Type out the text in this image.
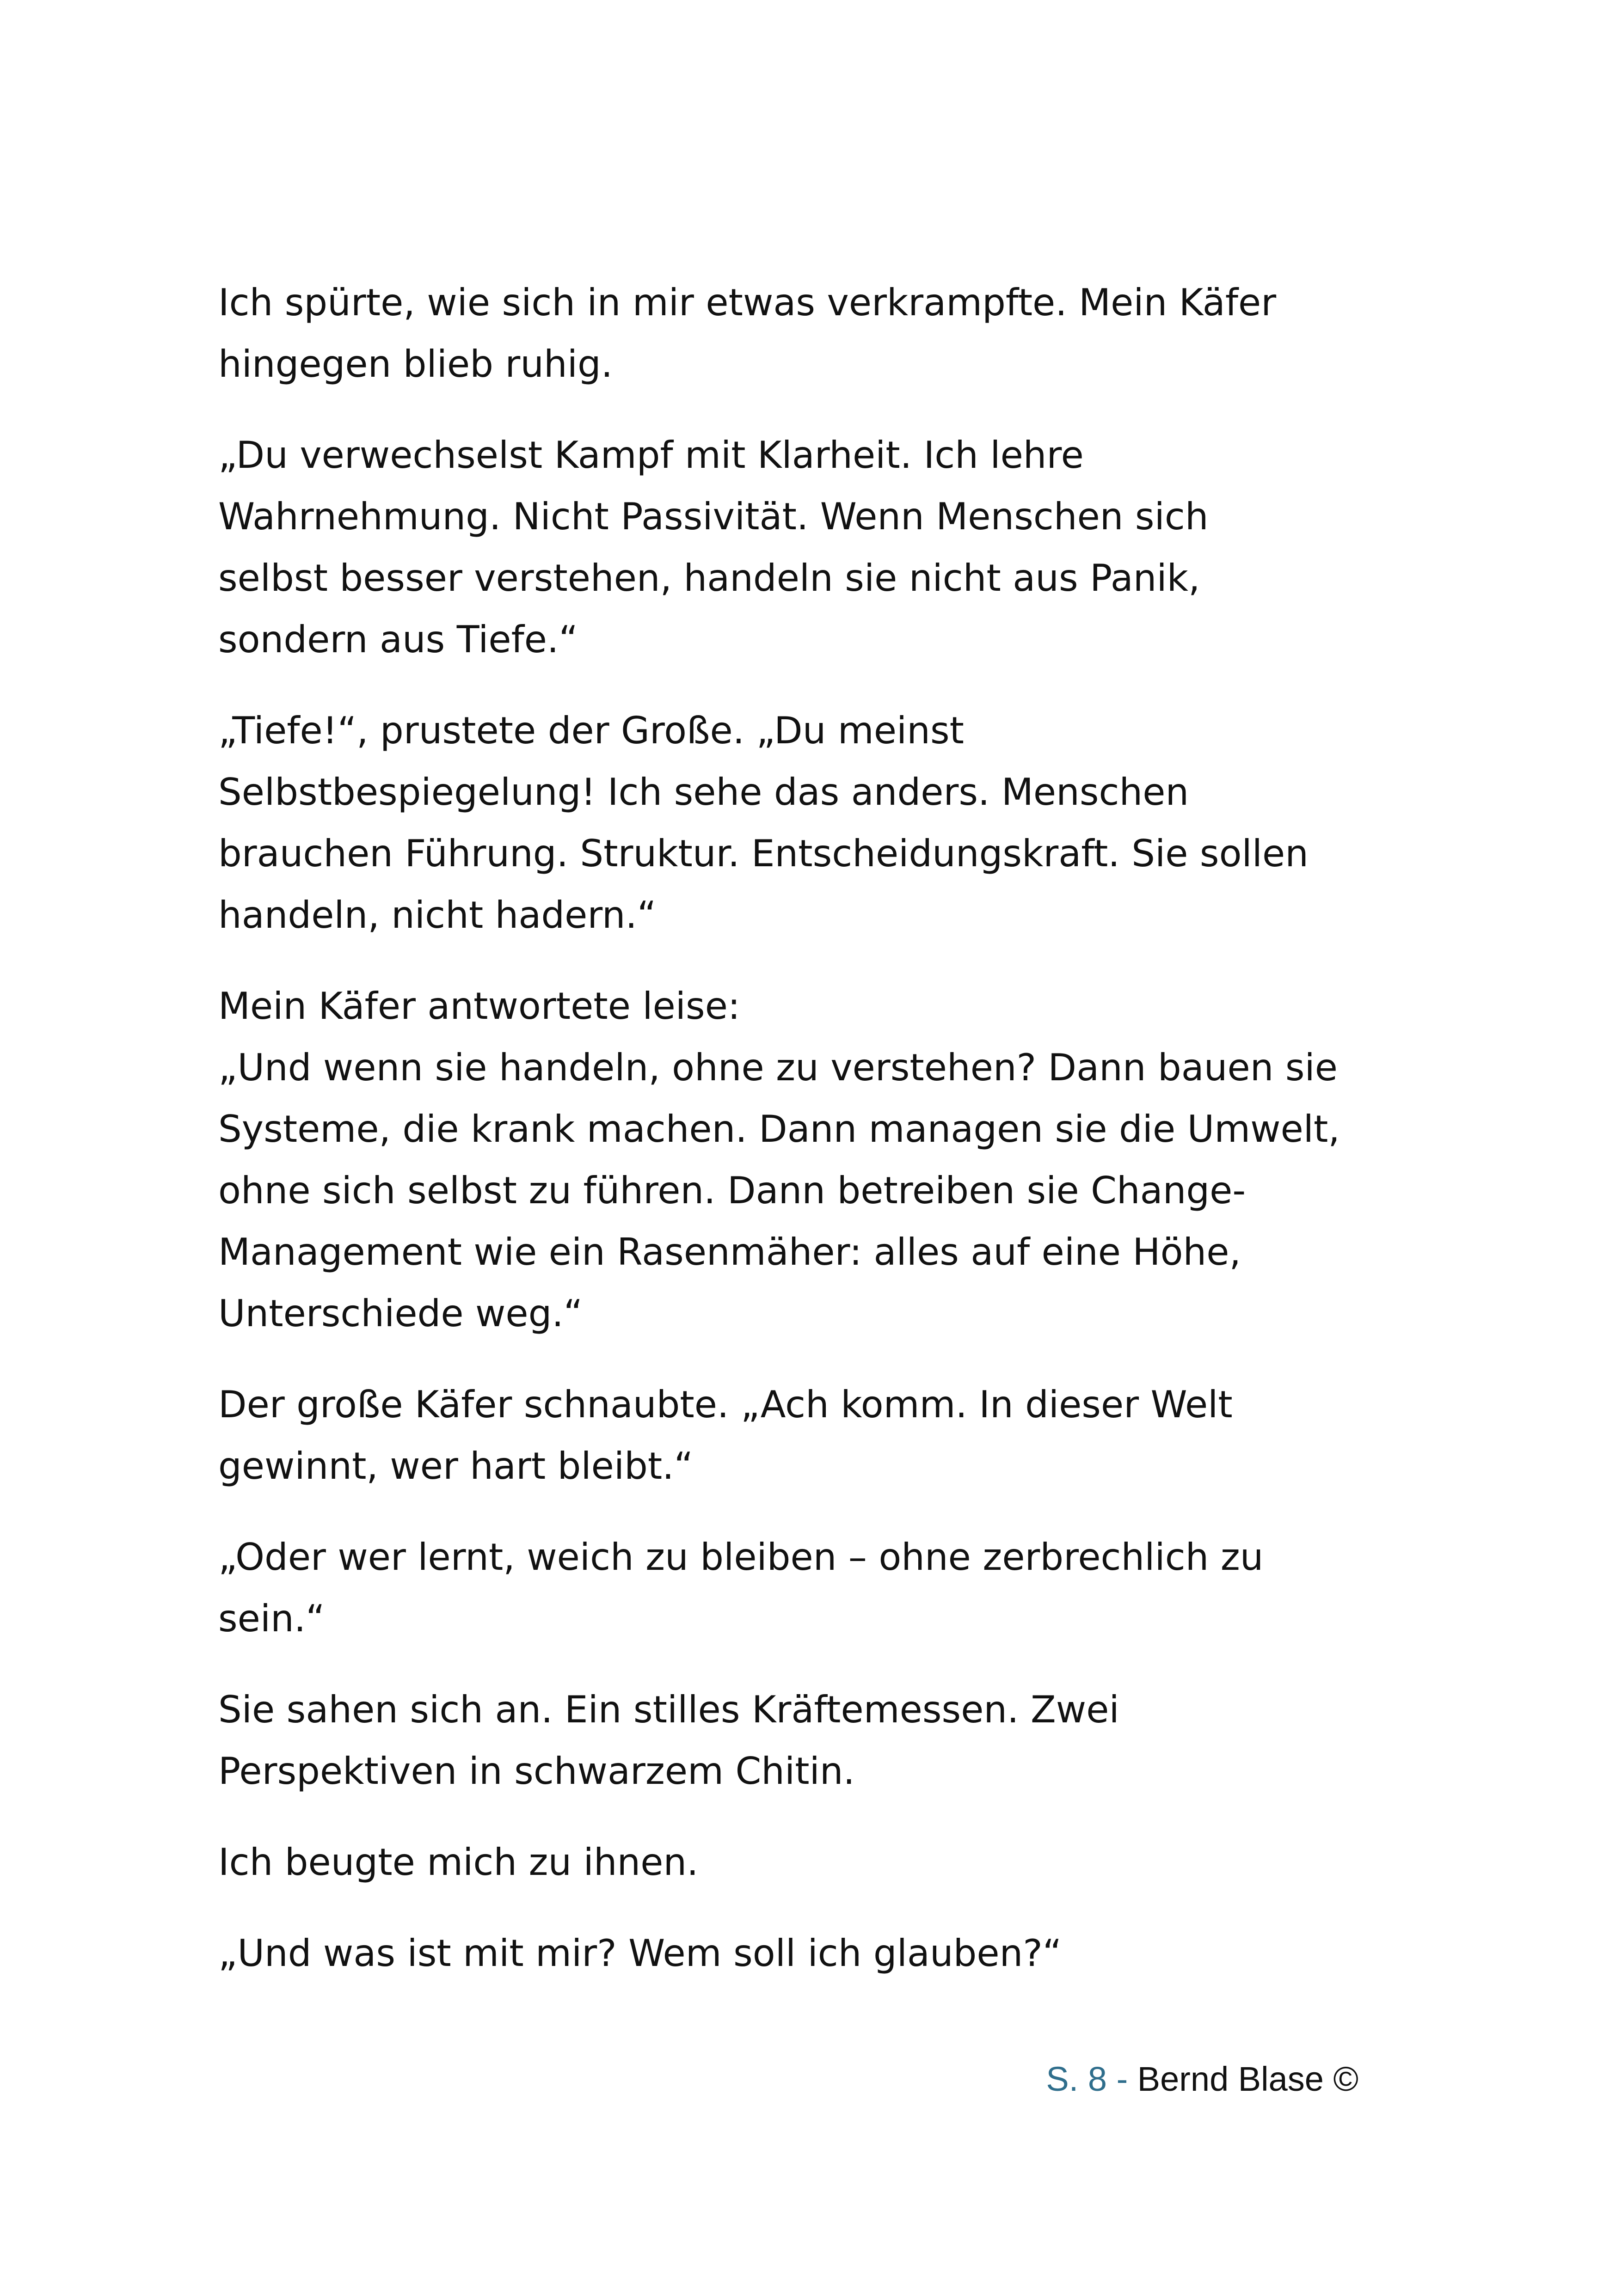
Ich spürte, wie sich in mir etwas verkrampfte. Mein Käfer
hingegen blieb ruhig.

„Du verwechselst Kampf mit Klarheit. Ich lehre
Wahrnehmung. Nicht Passivität. Wenn Menschen sich
selbst besser verstehen, handeln sie nicht aus Panik,
sondern aus Tiefe.“

„Tiefe!“, prustete der Große. „Du meinst
Selbstbespiegelung! Ich sehe das anders. Menschen
brauchen Führung. Struktur. Entscheidungskraft. Sie sollen
handeln, nicht hadern.“

Mein Käfer antwortete leise:
„Und wenn sie handeln, ohne zu verstehen? Dann bauen sie
Systeme, die krank machen. Dann managen sie die Umwelt,
ohne sich selbst zu führen. Dann betreiben sie Change-
Management wie ein Rasenmäher: alles auf eine Höhe,
Unterschiede weg.“

Der große Käfer schnaubte. „Ach komm. In dieser Welt
gewinnt, wer hart bleibt.“

„Oder wer lernt, weich zu bleiben – ohne zerbrechlich zu
sein.“

Sie sahen sich an. Ein stilles Kräftemessen. Zwei
Perspektiven in schwarzem Chitin.

Ich beugte mich zu ihnen.

„Und was ist mit mir? Wem soll ich glauben?“

S. 8 - Bernd Blase ©
